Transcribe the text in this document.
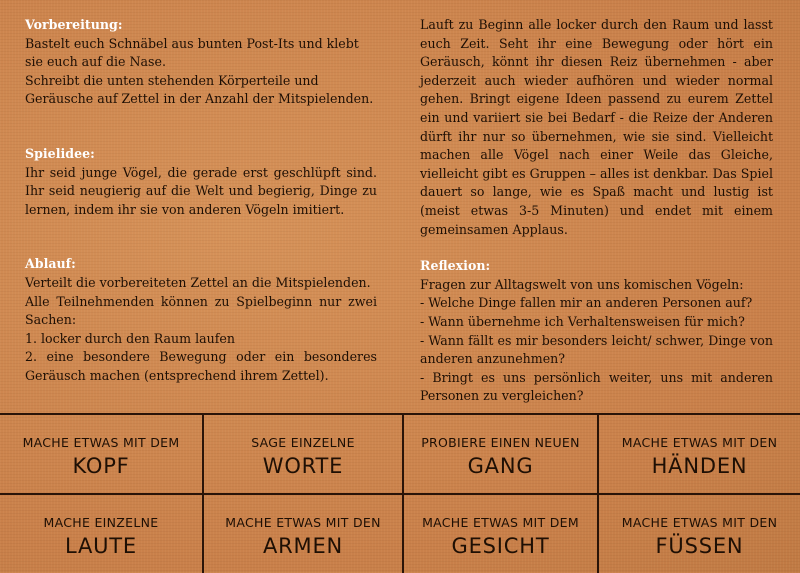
Vorbereitung:
Bastelt euch Schnäbel aus bunten Post-Its und klebt sie euch auf die Nase.
Schreibt die unten stehenden Körperteile und Geräusche auf Zettel in der Anzahl der Mitspielenden.
Spielidee:
Ihr seid junge Vögel, die gerade erst geschlüpft sind. Ihr seid neugierig auf die Welt und begierig, Dinge zu lernen, indem ihr sie von anderen Vögeln imitiert.
Ablauf:
Verteilt die vorbereiteten Zettel an die Mitspielenden.
Alle Teilnehmenden können zu Spielbeginn nur zwei Sachen:
1. locker durch den Raum laufen
2. eine besondere Bewegung oder ein besonderes Geräusch machen (entsprechend ihrem Zettel).
Lauft zu Beginn alle locker durch den Raum und lasst euch Zeit. Seht ihr eine Bewegung oder hört ein Geräusch, könnt ihr diesen Reiz übernehmen - aber jederzeit auch wieder aufhören und wieder normal gehen. Bringt eigene Ideen passend zu eurem Zettel ein und variiert sie bei Bedarf - die Reize der Anderen dürft ihr nur so übernehmen, wie sie sind. Vielleicht machen alle Vögel nach einer Weile das Gleiche, vielleicht gibt es Gruppen – alles ist denkbar. Das Spiel dauert so lange, wie es Spaß macht und lustig ist (meist etwas 3-5 Minuten) und endet mit einem gemeinsamen Applaus.
Reflexion:
Fragen zur Alltagswelt von uns komischen Vögeln:
- Welche Dinge fallen mir an anderen Personen auf?
- Wann übernehme ich Verhaltensweisen für mich?
- Wann fällt es mir besonders leicht/ schwer, Dinge von anderen anzunehmen?
- Bringt es uns persönlich weiter, uns mit anderen Personen zu vergleichen?
MACHE ETWAS MIT DEM
KOPF
SAGE EINZELNE
WORTE
PROBIERE EINEN NEUEN
GANG
MACHE ETWAS MIT DEN
HÄNDEN
MACHE EINZELNE
LAUTE
MACHE ETWAS MIT DEN
ARMEN
MACHE ETWAS MIT DEM
GESICHT
MACHE ETWAS MIT DEN
FÜSSEN
